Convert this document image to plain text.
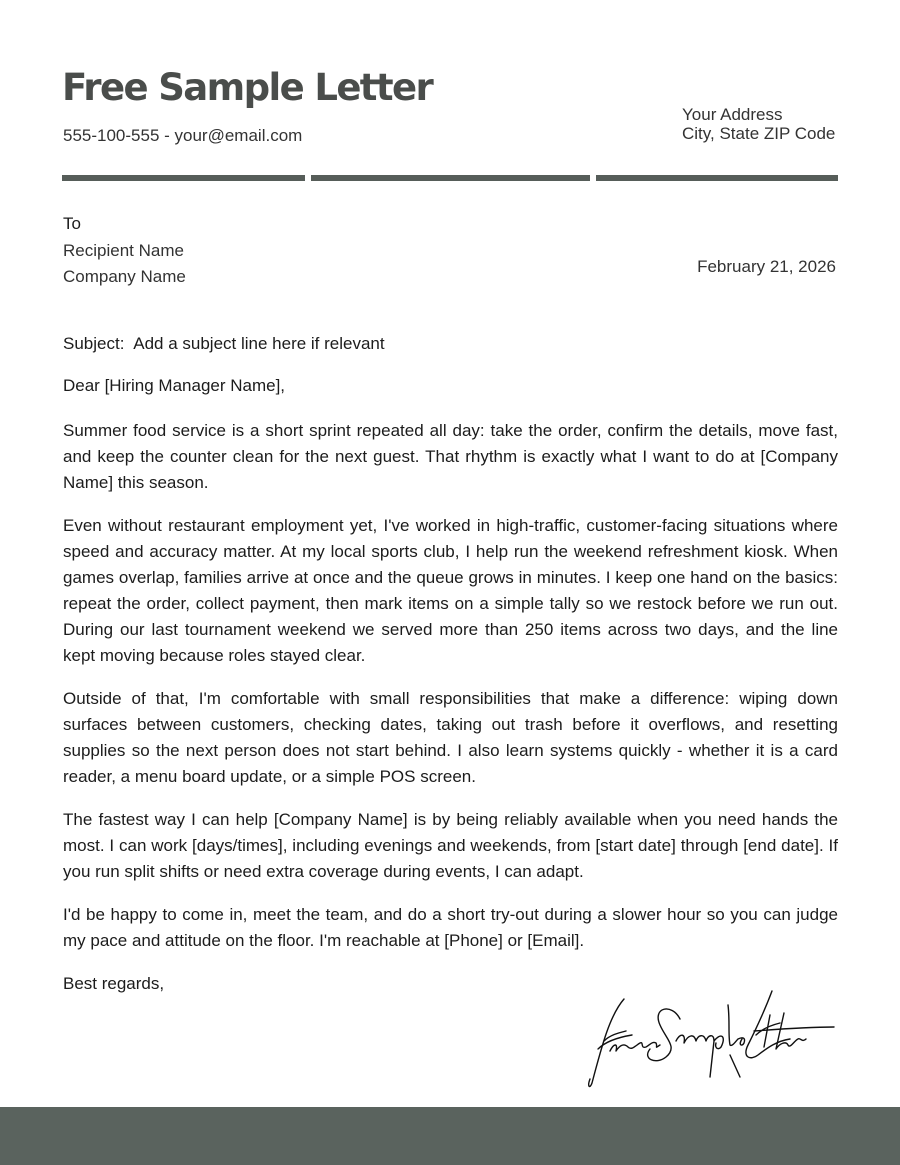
Free Sample Letter
555-100-555 - your@email.com
Your Address
City, State ZIP Code
To
Recipient Name
Company Name
February 21, 2026
Subject: Add a subject line here if relevant
Dear [Hiring Manager Name],

Summer food service is a short sprint repeated all day: take the order, confirm the details, move fast, and keep the counter clean for the next guest. That rhythm is exactly what I want to do at [Company Name] this season.

Even without restaurant employment yet, I've worked in high-traffic, customer-facing situations where speed and accuracy matter. At my local sports club, I help run the weekend refreshment kiosk. When games overlap, families arrive at once and the queue grows in minutes. I keep one hand on the basics: repeat the order, collect payment, then mark items on a simple tally so we restock before we run out. During our last tournament weekend we served more than 250 items across two days, and the line kept moving because roles stayed clear.

Outside of that, I'm comfortable with small responsibilities that make a difference: wiping down surfaces between customers, checking dates, taking out trash before it overflows, and resetting supplies so the next person does not start behind. I also learn systems quickly - whether it is a card reader, a menu board update, or a simple POS screen.

The fastest way I can help [Company Name] is by being reliably available when you need hands the most. I can work [days/times], including evenings and weekends, from [start date] through [end date]. If you run split shifts or need extra coverage during events, I can adapt.

I'd be happy to come in, meet the team, and do a short try-out during a slower hour so you can judge my pace and attitude on the floor. I'm reachable at [Phone] or [Email].

Best regards,
